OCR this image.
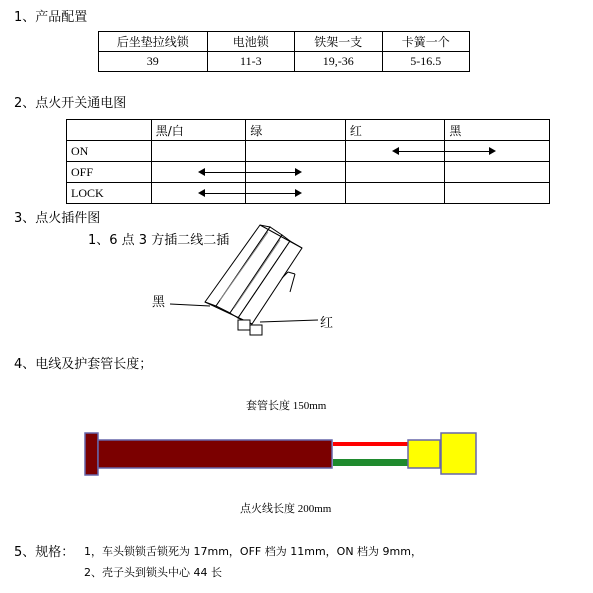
1、产品配置
后坐垫拉线锁	电池锁	铁架一支	卡簧一个
39	11-3	19,-36	5-16.5
2、点火开关通电图
	黑/白	绿	红	黑
ON			

OFF	

LOCK	

3、点火插件图
1、6 点 3 方插二线二插
黑
红
4、电线及护套管长度；
套管长度 150mm
点火线长度 200mm
5、规格： 1，车头锁锁舌锁死为 17mm，OFF 档为 11mm，ON 档为 9mm，
2、壳子头到锁头中心 44 长
